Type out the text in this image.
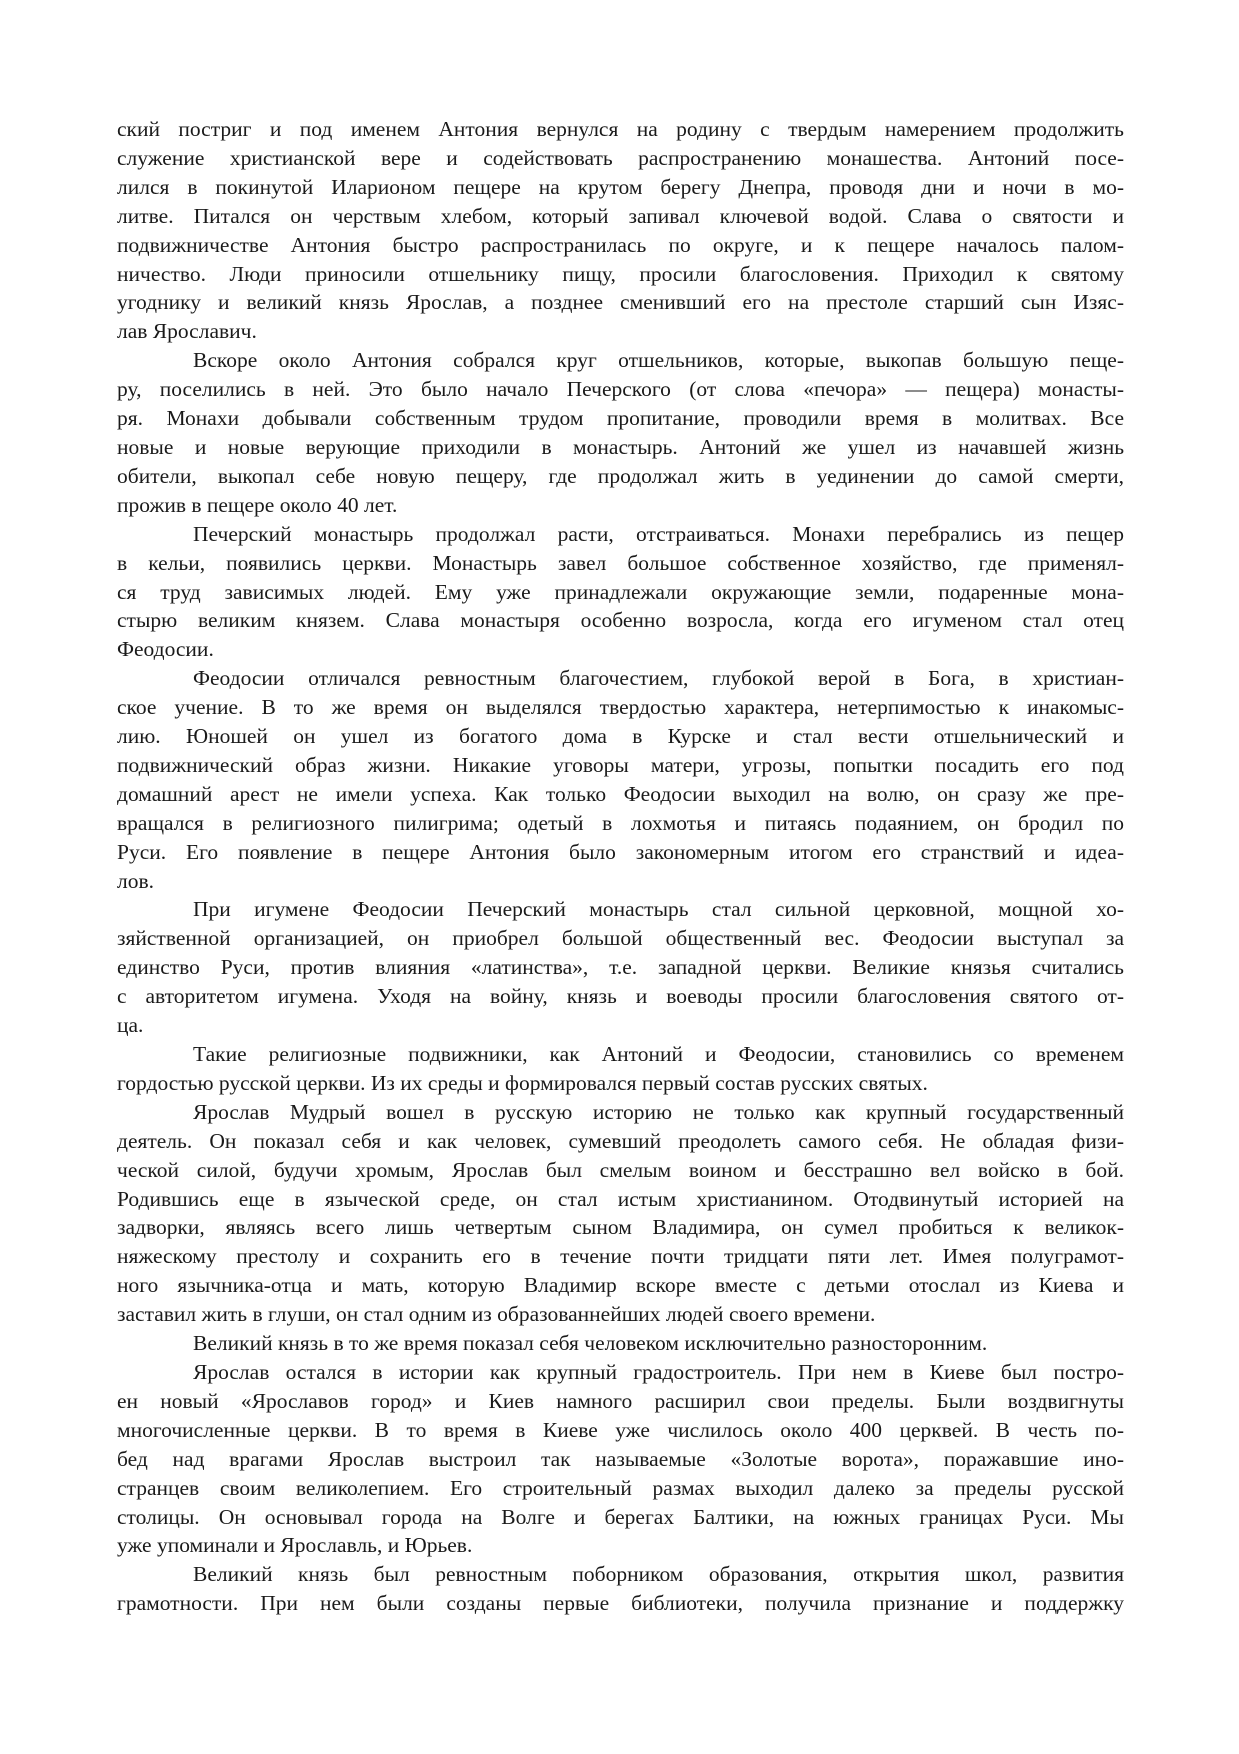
ский постриг и под именем Антония вернулся на родину с твердым намерением продолжить
служение христианской вере и содействовать распространению монашества. Антоний посе-
лился в покинутой Иларионом пещере на крутом берегу Днепра, проводя дни и ночи в мо-
литве. Питался он черствым хлебом, который запивал ключевой водой. Слава о святости и
подвижничестве Антония быстро распространилась по округе, и к пещере началось палом-
ничество. Люди приносили отшельнику пищу, просили благословения. Приходил к святому
угоднику и великий князь Ярослав, а позднее сменивший его на престоле старший сын Изяс-
лав Ярославич.
Вскоре около Антония собрался круг отшельников, которые, выкопав большую пеще-
ру, поселились в ней. Это было начало Печерского (от слова «печора» — пещера) монасты-
ря. Монахи добывали собственным трудом пропитание, проводили время в молитвах. Все
новые и новые верующие приходили в монастырь. Антоний же ушел из начавшей жизнь
обители, выкопал себе новую пещеру, где продолжал жить в уединении до самой смерти,
прожив в пещере около 40 лет.
Печерский монастырь продолжал расти, отстраиваться. Монахи перебрались из пещер
в кельи, появились церкви. Монастырь завел большое собственное хозяйство, где применял-
ся труд зависимых людей. Ему уже принадлежали окружающие земли, подаренные мона-
стырю великим князем. Слава монастыря особенно возросла, когда его игуменом стал отец
Феодосии.
Феодосии отличался ревностным благочестием, глубокой верой в Бога, в христиан-
ское учение. В то же время он выделялся твердостью характера, нетерпимостью к инакомыс-
лию. Юношей он ушел из богатого дома в Курске и стал вести отшельнический и
подвижнический образ жизни. Никакие уговоры матери, угрозы, попытки посадить его под
домашний арест не имели успеха. Как только Феодосии выходил на волю, он сразу же пре-
вращался в религиозного пилигрима; одетый в лохмотья и питаясь подаянием, он бродил по
Руси. Его появление в пещере Антония было закономерным итогом его странствий и идеа-
лов.
При игумене Феодосии Печерский монастырь стал сильной церковной, мощной хо-
зяйственной организацией, он приобрел большой общественный вес. Феодосии выступал за
единство Руси, против влияния «латинства», т.е. западной церкви. Великие князья считались
с авторитетом игумена. Уходя на войну, князь и воеводы просили благословения святого от-
ца.
Такие религиозные подвижники, как Антоний и Феодосии, становились со временем
гордостью русской церкви. Из их среды и формировался первый состав русских святых.
Ярослав Мудрый вошел в русскую историю не только как крупный государственный
деятель. Он показал себя и как человек, сумевший преодолеть самого себя. Не обладая физи-
ческой силой, будучи хромым, Ярослав был смелым воином и бесстрашно вел войско в бой.
Родившись еще в языческой среде, он стал истым христианином. Отодвинутый историей на
задворки, являясь всего лишь четвертым сыном Владимира, он сумел пробиться к великок-
няжескому престолу и сохранить его в течение почти тридцати пяти лет. Имея полуграмот-
ного язычника-отца и мать, которую Владимир вскоре вместе с детьми отослал из Киева и
заставил жить в глуши, он стал одним из образованнейших людей своего времени.
Великий князь в то же время показал себя человеком исключительно разносторонним.
Ярослав остался в истории как крупный градостроитель. При нем в Киеве был постро-
ен новый «Ярославов город» и Киев намного расширил свои пределы. Были воздвигнуты
многочисленные церкви. В то время в Киеве уже числилось около 400 церквей. В честь по-
бед над врагами Ярослав выстроил так называемые «Золотые ворота», поражавшие ино-
странцев своим великолепием. Его строительный размах выходил далеко за пределы русской
столицы. Он основывал города на Волге и берегах Балтики, на южных границах Руси. Мы
уже упоминали и Ярославль, и Юрьев.
Великий князь был ревностным поборником образования, открытия школ, развития
грамотности. При нем были созданы первые библиотеки, получила признание и поддержку
